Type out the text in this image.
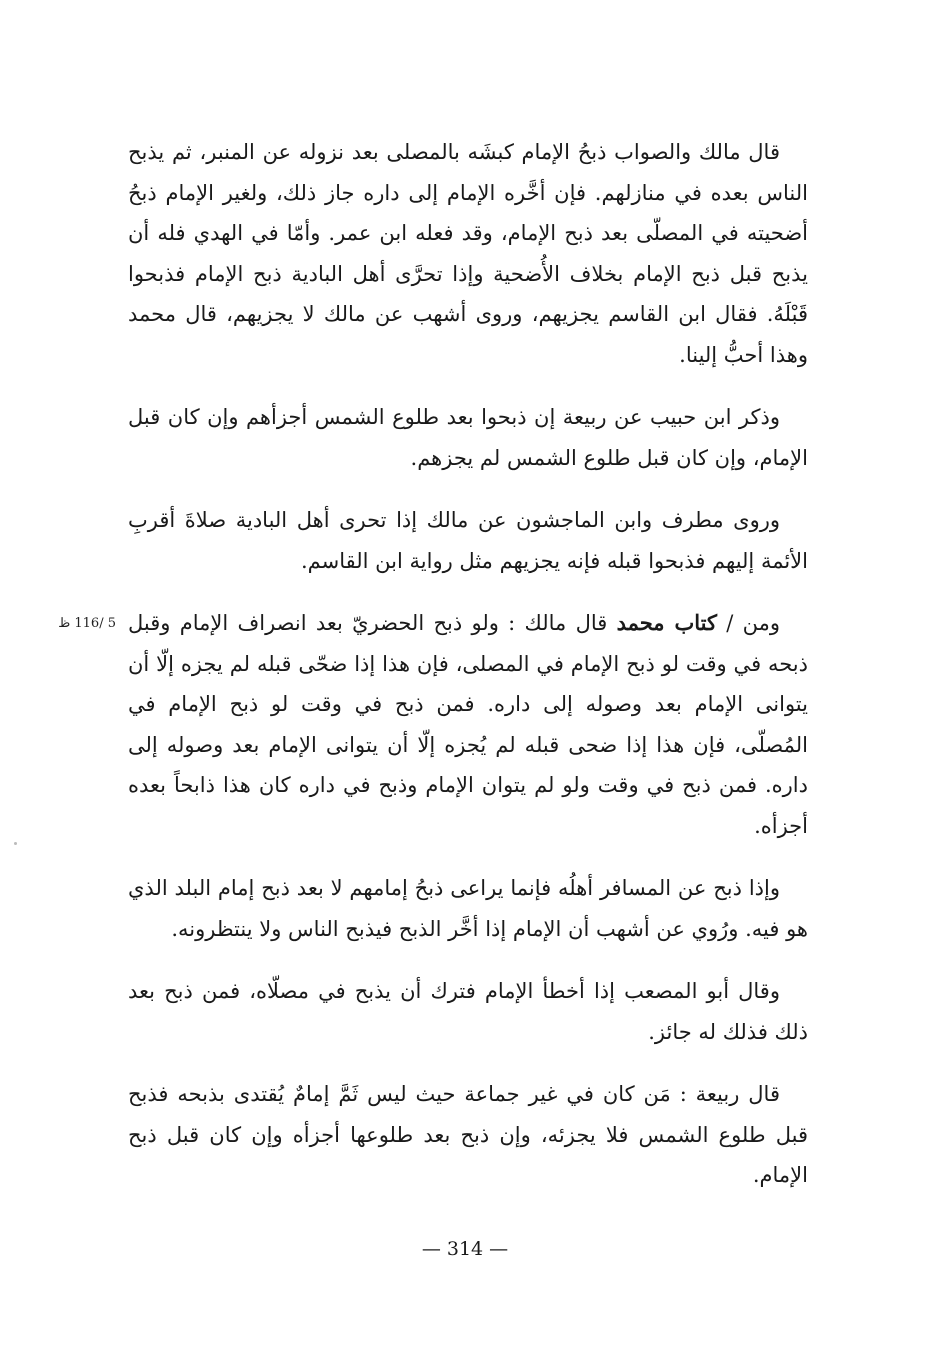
قال مالك والصواب ذبحُ الإمام كبشَه بالمصلى بعد نزوله عن المنبر، ثم يذبح الناس بعده في منازلهم. فإن أخَّره الإمام إلى داره جاز ذلك، ولغير الإمام ذبحُ أضحيته في المصلّى بعد ذبح الإمام، وقد فعله ابن عمر. وأمّا في الهدي فله أن يذبح قبل ذبح الإمام بخلاف الأُضحية وإذا تحرَّى أهل البادية ذبح الإمام فذبحوا قَبْلَهُ. فقال ابن القاسم يجزيهم، وروى أشهب عن مالك لا يجزيهم، قال محمد وهذا أحبُّ إلينا.

وذكر ابن حبيب عن ربيعة إن ذبحوا بعد طلوع الشمس أجزأهم وإن كان قبل الإمام، وإن كان قبل طلوع الشمس لم يجزهم.

وروى مطرف وابن الماجشون عن مالك إذا تحرى أهل البادية صلاةَ أقربِ الأئمة إليهم فذبحوا قبله فإنه يجزيهم مثل رواية ابن القاسم.

ومن / كتاب محمد قال مالك : ولو ذبح الحضريّ بعد انصراف الإمام وقبل ذبحه في وقت لو ذبح الإمام في المصلى، فإن هذا إذا ضحّى قبله لم يجزه إلّا أن يتوانى الإمام بعد وصوله إلى داره. فمن ذبح في وقت لو ذبح الإمام في المُصلّى، فإن هذا إذا ضحى قبله لم يُجزه إلّا أن يتوانى الإمام بعد وصوله إلى داره. فمن ذبح في وقت ولو لم يتوان الإمام وذبح في داره كان هذا ذابحاً بعده أجزأه.

وإذا ذبح عن المسافر أهلُه فإنما يراعى ذبحُ إمامهم لا بعد ذبح إمام البلد الذي هو فيه. ورُوي عن أشهب أن الإمام إذا أخَّر الذبح فيذبح الناس ولا ينتظرونه.

وقال أبو المصعب إذا أخطأ الإمام فترك أن يذبح في مصلّاه، فمن ذبح بعد ذلك فذلك له جائز.

قال ربيعة : مَن كان في غير جماعة حيث ليس ثَمَّ إمامٌ يُقتدى بذبحه فذبح قبل طلوع الشمس فلا يجزئه، وإن ذبح بعد طلوعها أجزأه وإن كان قبل ذبح الإمام.

5 /116 ظ
— 314 —
